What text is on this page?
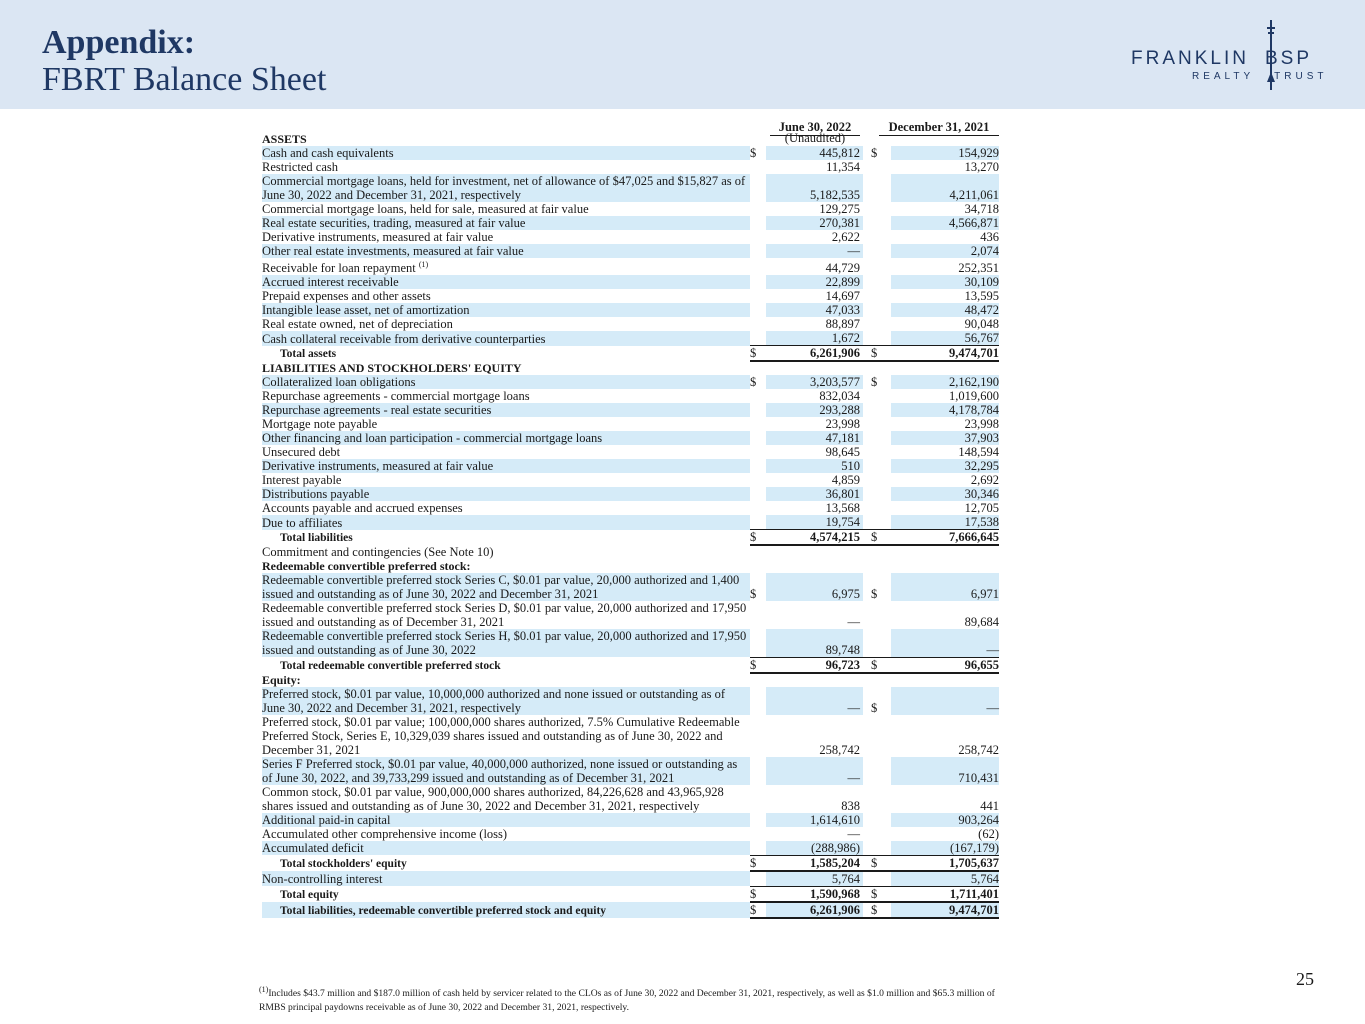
Appendix:
FBRT Balance Sheet
FRANKLIN BSP
REALTY TRUST
June 30, 2022
(Unaudited)
December 31, 2021
ASSETS				
Cash and cash equivalents	$	445,812	$	154,929
Restricted cash		11,354		13,270
Commercial mortgage loans, held for investment, net of allowance of $47,025 and $15,827 as of June 30, 2022 and December 31, 2021, respectively		5,182,535		4,211,061
Commercial mortgage loans, held for sale, measured at fair value		129,275		34,718
Real estate securities, trading, measured at fair value		270,381		4,566,871
Derivative instruments, measured at fair value		2,622		436
Other real estate investments, measured at fair value		—		2,074
Receivable for loan repayment $^{(1)}$		44,729		252,351
Accrued interest receivable		22,899		30,109
Prepaid expenses and other assets		14,697		13,595
Intangible lease asset, net of amortization		47,033		48,472
Real estate owned, net of depreciation		88,897		90,048
Cash collateral receivable from derivative counterparties		1,672		56,767
Total assets	$	6,261,906	$	9,474,701
LIABILITIES AND STOCKHOLDERS' EQUITY				
Collateralized loan obligations	$	3,203,577	$	2,162,190
Repurchase agreements - commercial mortgage loans		832,034		1,019,600
Repurchase agreements - real estate securities		293,288		4,178,784
Mortgage note payable		23,998		23,998
Other financing and loan participation - commercial mortgage loans		47,181		37,903
Unsecured debt		98,645		148,594
Derivative instruments, measured at fair value		510		32,295
Interest payable		4,859		2,692
Distributions payable		36,801		30,346
Accounts payable and accrued expenses		13,568		12,705
Due to affiliates		19,754		17,538
Total liabilities	$	4,574,215	$	7,666,645
Commitment and contingencies (See Note 10)				
Redeemable convertible preferred stock:				
Redeemable convertible preferred stock Series C, $0.01 par value, 20,000 authorized and 1,400 issued and outstanding as of June 30, 2022 and December 31, 2021	$	6,975	$	6,971
Redeemable convertible preferred stock Series D, $0.01 par value, 20,000 authorized and 17,950 issued and outstanding as of December 31, 2021		—		89,684
Redeemable convertible preferred stock Series H, $0.01 par value, 20,000 authorized and 17,950 issued and outstanding as of June 30, 2022		89,748		—
Total redeemable convertible preferred stock	$	96,723	$	96,655
Equity:				
Preferred stock, $0.01 par value, 10,000,000 authorized and none issued or outstanding as of June 30, 2022 and December 31, 2021, respectively		—	$	—
Preferred stock, $0.01 par value; 100,000,000 shares authorized, 7.5% Cumulative Redeemable Preferred Stock, Series E, 10,329,039 shares issued and outstanding as of June 30, 2022 and December 31, 2021		258,742		258,742
Series F Preferred stock, $0.01 par value, 40,000,000 authorized, none issued or outstanding as of June 30, 2022, and 39,733,299 issued and outstanding as of December 31, 2021		—		710,431
Common stock, $0.01 par value, 900,000,000 shares authorized, 84,226,628 and 43,965,928 shares issued and outstanding as of June 30, 2022 and December 31, 2021, respectively		838		441
Additional paid-in capital		1,614,610		903,264
Accumulated other comprehensive income (loss)		—		(62)
Accumulated deficit		(288,986)		(167,179)
Total stockholders' equity	$	1,585,204	$	1,705,637
Non-controlling interest		5,764		5,764
Total equity	$	1,590,968	$	1,711,401
Total liabilities, redeemable convertible preferred stock and equity	$	6,261,906	$	9,474,701
$^{(1)}$Includes $43.7 million and $187.0 million of cash held by servicer related to the CLOs as of June 30, 2022 and December 31, 2021, respectively, as well as $1.0 million and $65.3 million of RMBS principal paydowns receivable as of June 30, 2022 and December 31, 2021, respectively.
25
